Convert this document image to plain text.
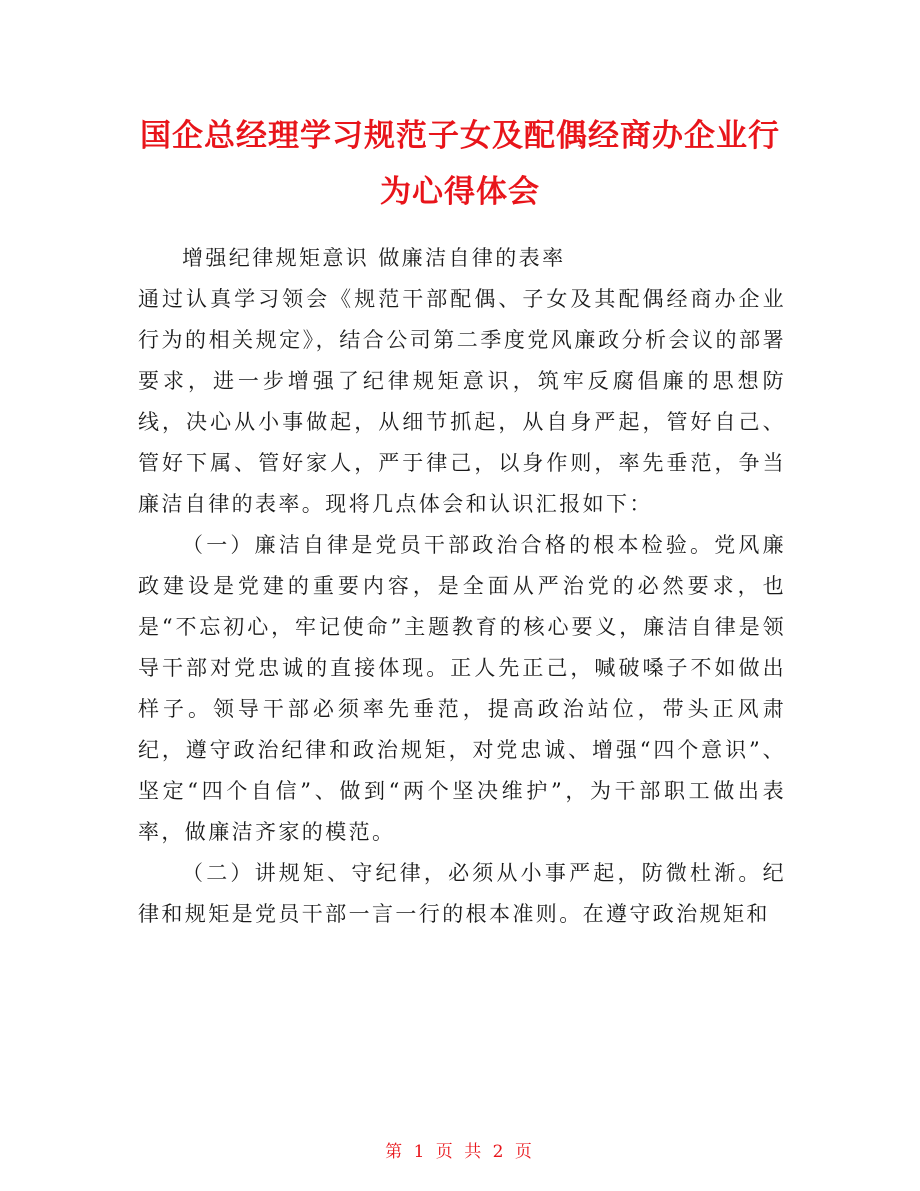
国企总经理学习规范子女及配偶经商办企业行
为心得体会

增强纪律规矩意识 做廉洁自律的表率

通过认真学习领会《规范干部配偶、子女及其配偶经商办企业行为的相关规定》，结合公司第二季度党风廉政分析会议的部署要求，进一步增强了纪律规矩意识，筑牢反腐倡廉的思想防线，决心从小事做起，从细节抓起，从自身严起，管好自己、管好下属、管好家人，严于律己，以身作则，率先垂范，争当廉洁自律的表率。现将几点体会和认识汇报如下：

（一）廉洁自律是党员干部政治合格的根本检验。党风廉政建设是党建的重要内容，是全面从严治党的必然要求，也是“不忘初心，牢记使命”主题教育的核心要义，廉洁自律是领导干部对党忠诚的直接体现。正人先正己，喊破嗓子不如做出样子。领导干部必须率先垂范，提高政治站位，带头正风肃纪，遵守政治纪律和政治规矩，对党忠诚、增强“四个意识”、坚定“四个自信”、做到“两个坚决维护”，为干部职工做出表率，做廉洁齐家的模范。

（二）讲规矩、守纪律，必须从小事严起，防微杜渐。纪律和规矩是党员干部一言一行的根本准则。在遵守政治规矩和

第 1 页 共 2 页
